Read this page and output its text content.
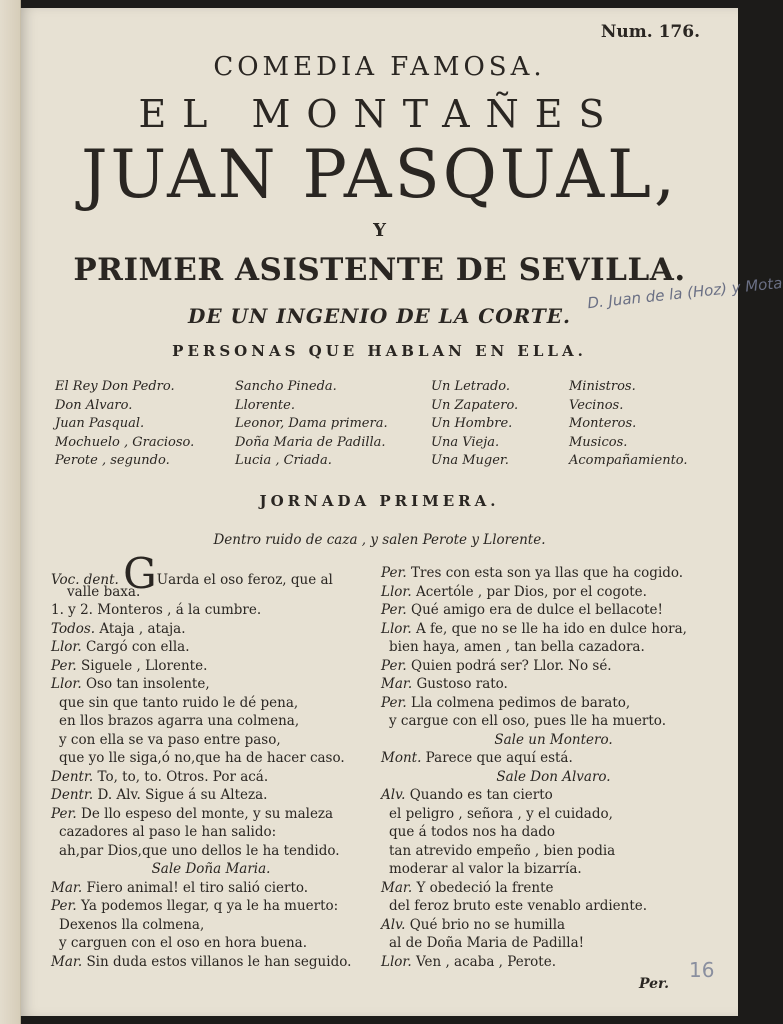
Num. 176.
COMEDIA FAMOSA.
EL MONTAÑES
JUAN PASQUAL,
Y
PRIMER ASISTENTE DE SEVILLA.
DE UN INGENIO DE LA CORTE.
D. Juan de la (Hoz) y Mota
PERSONAS QUE HABLAN EN ELLA.
El Rey Don Pedro.
Don Alvaro.
Juan Pasqual.
Mochuelo , Gracioso.
Perote , segundo.
Sancho Pineda.
Llorente.
Leonor, Dama primera.
Doña Maria de Padilla.
Lucia , Criada.
Un Letrado.
Un Zapatero.
Un Hombre.
Una Vieja.
Una Muger.
Ministros.
Vecinos.
Monteros.
Musicos.
Acompañamiento.
JORNADA PRIMERA.
Dentro ruido de caza , y salen Perote y Llorente.
Voc. dent. GUarda el oso feroz, que al
valle baxa.
1. y 2. Monteros , á la cumbre.
Todos. Ataja , ataja.
Llor. Cargó con ella.
Per. Siguele , Llorente.
Llor. Oso tan insolente,
que sin que tanto ruido le dé pena,
en llos brazos agarra una colmena,
y con ella se va paso entre paso,
que yo lle siga,ó no,que ha de hacer caso.
Dentr. To, to, to. Otros. Por acá.
Dentr. D. Alv. Sigue á su Alteza.
Per. De llo espeso del monte, y su maleza
cazadores al paso le han salido:
ah,par Dios,que uno dellos le ha tendido.
Sale Doña Maria.
Mar. Fiero animal! el tiro salió cierto.
Per. Ya podemos llegar, q ya le ha muerto:
Dexenos lla colmena,
y carguen con el oso en hora buena.
Mar. Sin duda estos villanos le han seguido.
Per. Tres con esta son ya llas que ha cogido.
Llor. Acertóle , par Dios, por el cogote.
Per. Qué amigo era de dulce el bellacote!
Llor. A fe, que no se lle ha ido en dulce hora,
bien haya, amen , tan bella cazadora.
Per. Quien podrá ser? Llor. No sé.
Mar. Gustoso rato.
Per. Lla colmena pedimos de barato,
y cargue con ell oso, pues lle ha muerto.
Sale un Montero.
Mont. Parece que aquí está.
Sale Don Alvaro.
Alv. Quando es tan cierto
el peligro , señora , y el cuidado,
que á todos nos ha dado
tan atrevido empeño , bien podia
moderar al valor la bizarría.
Mar. Y obedeció la frente
del feroz bruto este venablo ardiente.
Alv. Qué brio no se humilla
al de Doña Maria de Padilla!
Llor. Ven , acaba , Perote.
Per.
16
